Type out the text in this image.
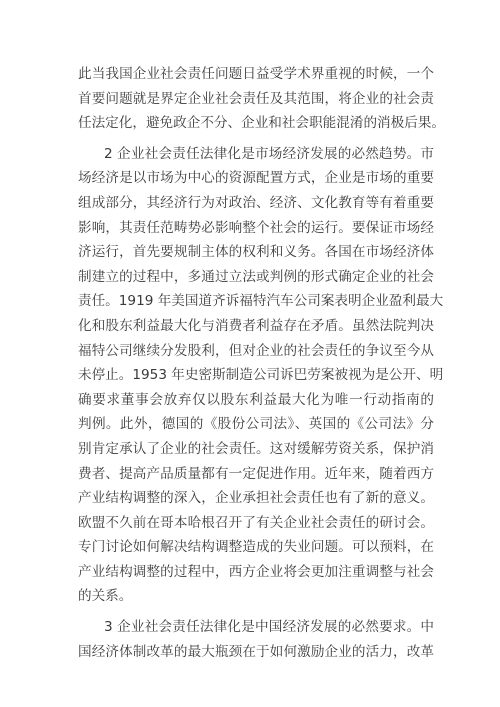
此当我国企业社会责任问题日益受学术界重视的时候，一个
首要问题就是界定企业社会责任及其范围，将企业的社会责
任法定化，避免政企不分、企业和社会职能混淆的消极后果。
2 企业社会责任法律化是市场经济发展的必然趋势。市
场经济是以市场为中心的资源配置方式，企业是市场的重要
组成部分，其经济行为对政治、经济、文化教育等有着重要
影响，其责任范畴势必影响整个社会的运行。要保证市场经
济运行，首先要规制主体的权利和义务。各国在市场经济体
制建立的过程中，多通过立法或判例的形式确定企业的社会
责任。1919 年美国道齐诉福特汽车公司案表明企业盈利最大
化和股东利益最大化与消费者利益存在矛盾。虽然法院判决
福特公司继续分发股利，但对企业的社会责任的争议至今从
未停止。1953 年史密斯制造公司诉巴劳案被视为是公开、明
确要求董事会放弃仅以股东利益最大化为唯一行动指南的
判例。此外，德国的《股份公司法》、英国的《公司法》分
别肯定承认了企业的社会责任。这对缓解劳资关系，保护消
费者、提高产品质量都有一定促进作用。近年来，随着西方
产业结构调整的深入，企业承担社会责任也有了新的意义。
欧盟不久前在哥本哈根召开了有关企业社会责任的研讨会。
专门讨论如何解决结构调整造成的失业问题。可以预料，在
产业结构调整的过程中，西方企业将会更加注重调整与社会
的关系。
3 企业社会责任法律化是中国经济发展的必然要求。中
国经济体制改革的最大瓶颈在于如何激励企业的活力，改革
